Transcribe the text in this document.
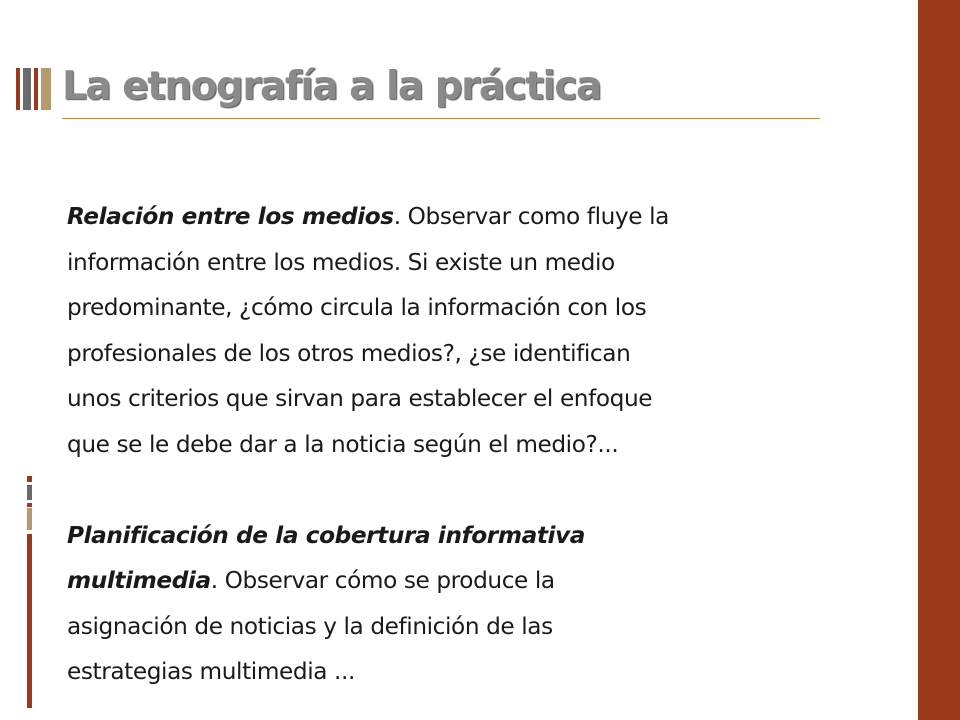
La etnografía a la práctica

Relación entre los medios. Observar como fluye la
información entre los medios. Si existe un medio
predominante, ¿cómo circula la información con los
profesionales de los otros medios?, ¿se identifican
unos criterios que sirvan para establecer el enfoque
que se le debe dar a la noticia según el medio?...

Planificación de la cobertura informativa
multimedia. Observar cómo se produce la
asignación de noticias y la definición de las
estrategias multimedia ...
